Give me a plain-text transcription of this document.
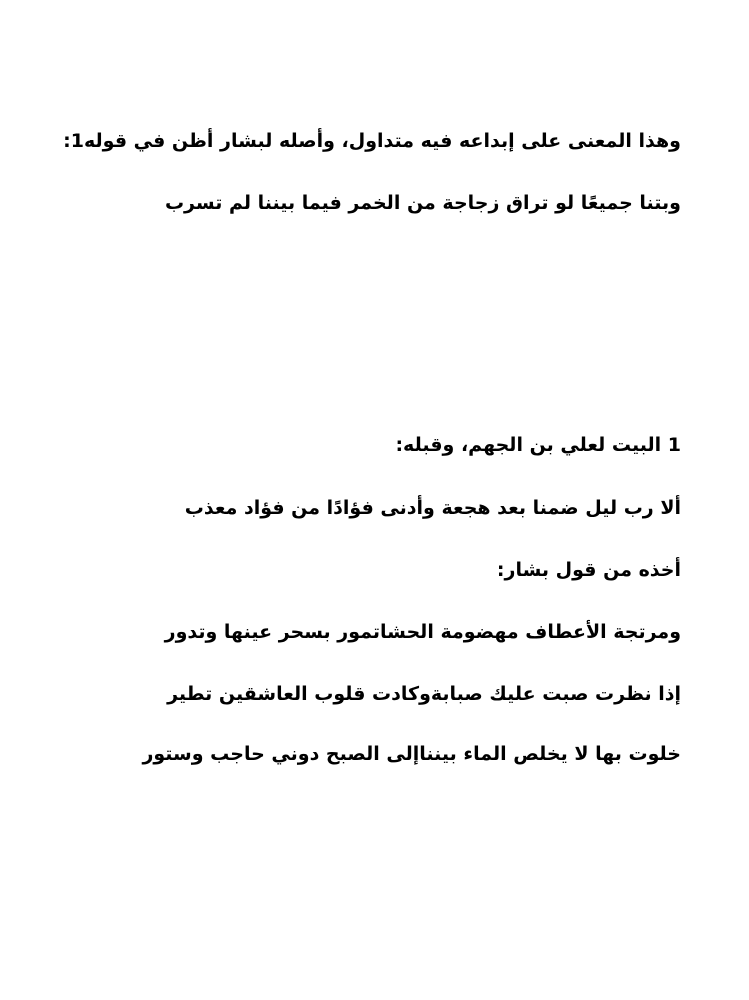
وهذا المعنى على إبداعه فيه متداول، وأصله لبشار أظن في قوله1:
وبتنا جميعًا لو تراق زجاجة من الخمر فيما بيننا لم تسرب
1 البيت لعلي بن الجهم، وقبله:
ألا رب ليل ضمنا بعد هجعة وأدنى فؤادًا من فؤاد معذب
أخذه من قول بشار:
ومرتجة الأعطاف مهضومة الحشاتمور بسحر عينها وتدور
إذا نظرت صبت عليك صبابةوكادت قلوب العاشقين تطير
خلوت بها لا يخلص الماء بينناإلى الصبح دوني حاجب وستور
